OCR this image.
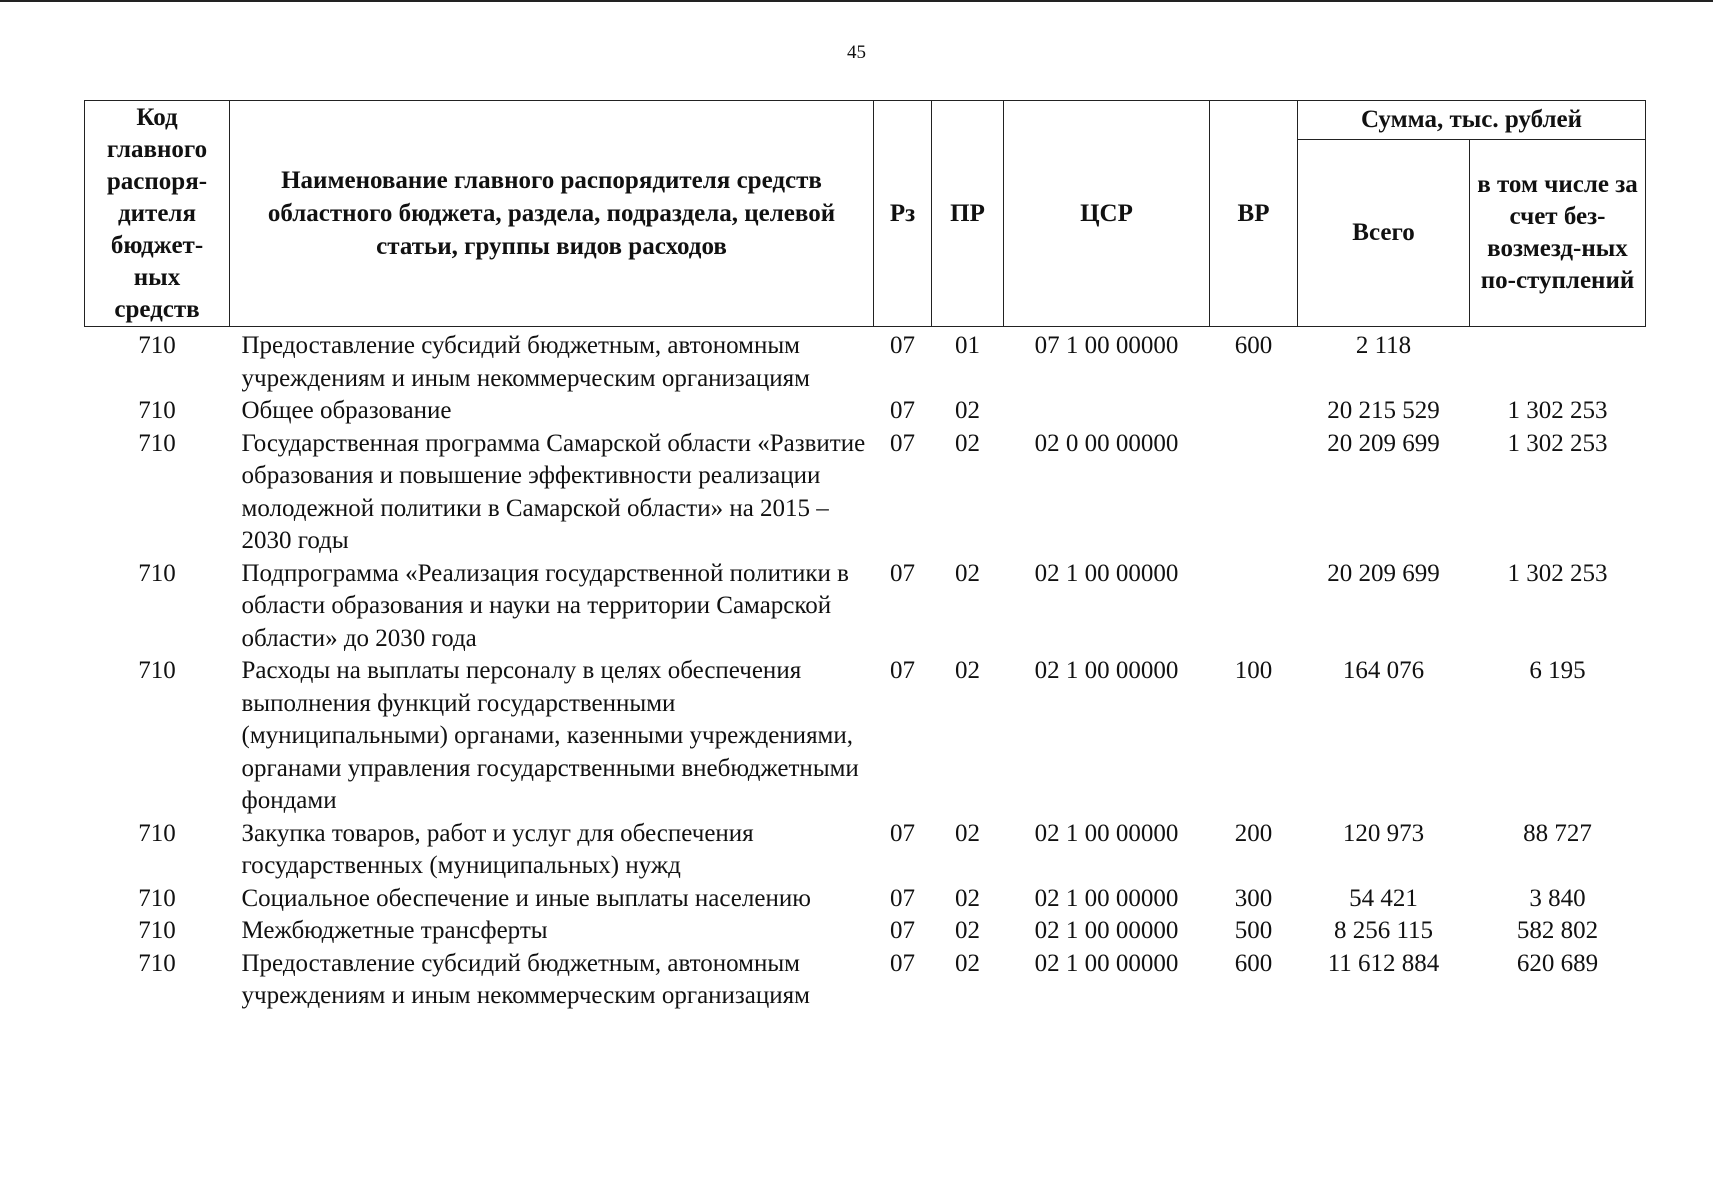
45
Код главного распоря-дителя бюджет-ных средств	Наименование главного распорядителя средств областного бюджета, раздела, подраздела, целевой статьи, группы видов расходов	Рз	ПР	ЦСР	ВР	Сумма, тыс. рублей	
						Всего	в том числе за счет без-возмезд-ных по-ступлений
710	Предоставление субсидий бюджетным, автономным учреждениям и иным некоммерческим организациям	07	01	07 1 00 00000	600	2 118	
710	Общее образование	07	02			20 215 529	1 302 253
710	Государственная программа Самарской области «Развитие образования и повышение эффективности реализации молодежной политики в Самарской области» на 2015 – 2030 годы	07	02	02 0 00 00000		20 209 699	1 302 253
710	Подпрограмма «Реализация государственной политики в области образования и науки на территории Самарской области» до 2030 года	07	02	02 1 00 00000		20 209 699	1 302 253
710	Расходы на выплаты персоналу в целях обеспечения выполнения функций государственными (муниципальными) органами, казенными учреждениями, органами управления государственными внебюджетными фондами	07	02	02 1 00 00000	100	164 076	6 195
710	Закупка товаров, работ и услуг для обеспечения государственных (муниципальных) нужд	07	02	02 1 00 00000	200	120 973	88 727
710	Социальное обеспечение и иные выплаты населению	07	02	02 1 00 00000	300	54 421	3 840
710	Межбюджетные трансферты	07	02	02 1 00 00000	500	8 256 115	582 802
710	Предоставление субсидий бюджетным, автономным учреждениям и иным некоммерческим организациям	07	02	02 1 00 00000	600	11 612 884	620 689
